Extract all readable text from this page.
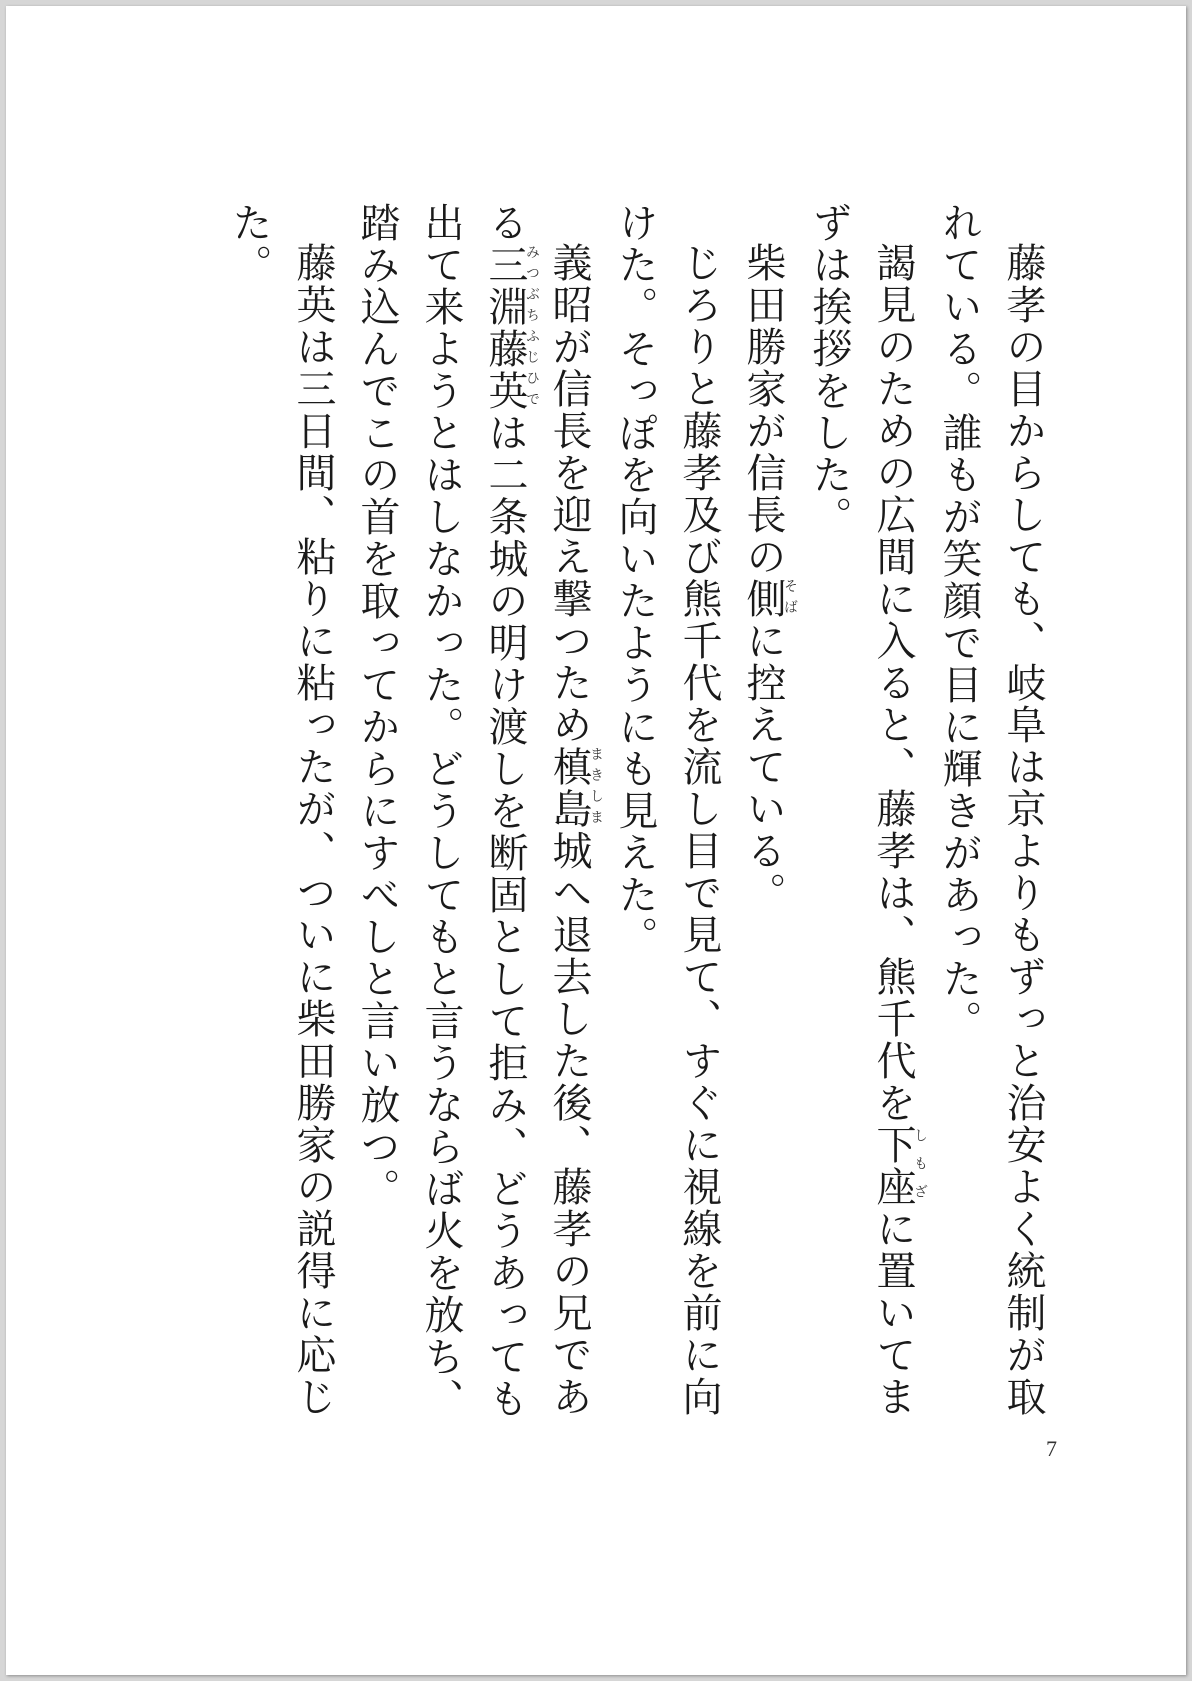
藤孝の目からしても、岐阜は京よりもずっと治安よく統制が取れている。誰もが笑顔で目に輝きがあった。

謁見のための広間に入ると、藤孝は、熊千代を下座しもざに置いてまずは挨拶をした。

柴田勝家が信長の側そばに控えている。

じろりと藤孝及び熊千代を流し目で見て、すぐに視線を前に向けた。そっぽを向いたようにも見えた。

義昭が信長を迎え撃つため槙島まきしま城へ退去した後、藤孝の兄である三淵藤英みつぶちふじひでは二条城の明け渡しを断固として拒み、どうあっても出て来ようとはしなかった。どうしてもと言うならば火を放ち、踏み込んでこの首を取ってからにすべしと言い放つ。

藤英は三日間、粘りに粘ったが、ついに柴田勝家の説得に応じた。

7
